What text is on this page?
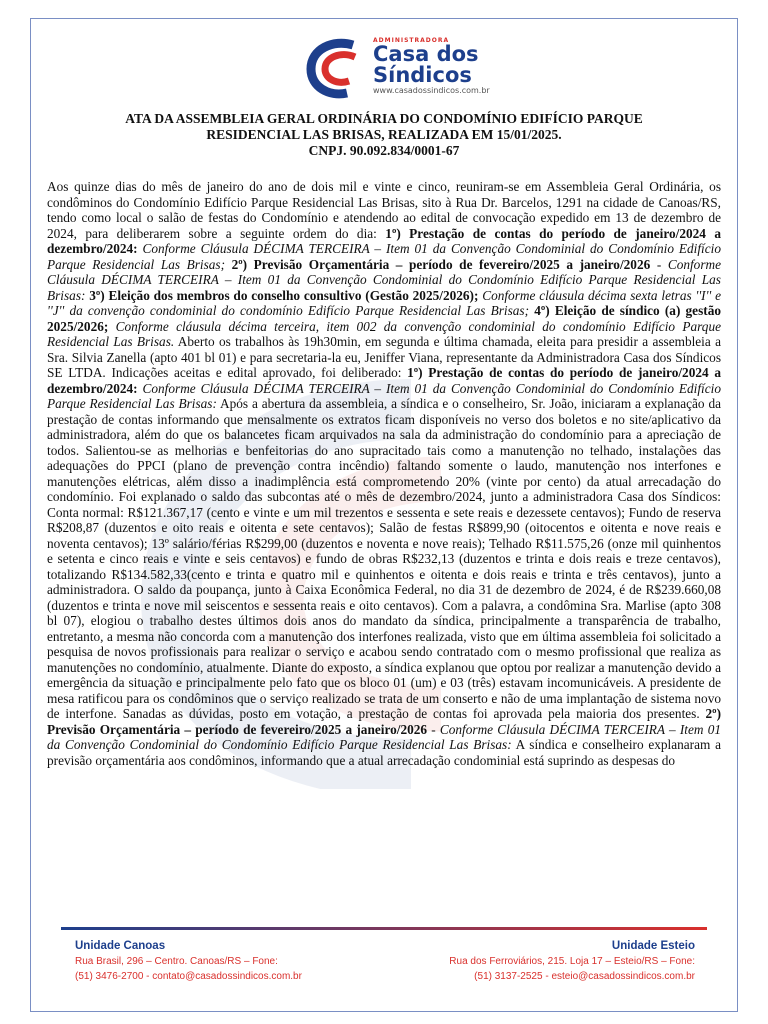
ADMINISTRADORA
Casa dos
Síndicos
www.casadossindicos.com.br
ATA DA ASSEMBLEIA GERAL ORDINÁRIA DO CONDOMÍNIO EDIFÍCIO PARQUE
RESIDENCIAL LAS BRISAS, REALIZADA EM 15/01/2025.
CNPJ. 90.092.834/0001-67
Aos quinze dias do mês de janeiro do ano de dois mil e vinte e cinco, reuniram-se em Assembleia Geral Ordinária, os condôminos do Condomínio Edifício Parque Residencial Las Brisas, sito à Rua Dr. Barcelos, 1291 na cidade de Canoas/RS, tendo como local o salão de festas do Condomínio e atendendo ao edital de convocação expedido em 13 de dezembro de 2024, para deliberarem sobre a seguinte ordem do dia: 1º) Prestação de contas do período de janeiro/2024 a dezembro/2024: Conforme Cláusula DÉCIMA TERCEIRA – Item 01 da Convenção Condominial do Condomínio Edifício Parque Residencial Las Brisas; 2º) Previsão Orçamentária – período de fevereiro/2025 a janeiro/2026 - Conforme Cláusula DÉCIMA TERCEIRA – Item 01 da Convenção Condominial do Condomínio Edifício Parque Residencial Las Brisas: 3º) Eleição dos membros do conselho consultivo (Gestão 2025/2026); Conforme cláusula décima sexta letras ''I'' e ''J'' da convenção condominial do condomínio Edifício Parque Residencial Las Brisas; 4º) Eleição de síndico (a) gestão 2025/2026; Conforme cláusula décima terceira, item 002 da convenção condominial do condomínio Edifício Parque Residencial Las Brisas. Aberto os trabalhos às 19h30min, em segunda e última chamada, eleita para presidir a assembleia a Sra. Silvia Zanella (apto 401 bl 01) e para secretaria-la eu, Jeniffer Viana, representante da Administradora Casa dos Síndicos SE LTDA. Indicações aceitas e edital aprovado, foi deliberado: 1º) Prestação de contas do período de janeiro/2024 a dezembro/2024: Conforme Cláusula DÉCIMA TERCEIRA – Item 01 da Convenção Condominial do Condomínio Edifício Parque Residencial Las Brisas: Após a abertura da assembleia, a síndica e o conselheiro, Sr. João, iniciaram a explanação da prestação de contas informando que mensalmente os extratos ficam disponíveis no verso dos boletos e no site/aplicativo da administradora, além do que os balancetes ficam arquivados na sala da administração do condomínio para a apreciação de todos. Salientou-se as melhorias e benfeitorias do ano supracitado tais como a manutenção no telhado, instalações das adequações do PPCI (plano de prevenção contra incêndio) faltando somente o laudo, manutenção nos interfones e manutenções elétricas, além disso a inadimplência está comprometendo 20% (vinte por cento) da atual arrecadação do condomínio. Foi explanado o saldo das subcontas até o mês de dezembro/2024, junto a administradora Casa dos Síndicos: Conta normal: R$121.367,17 (cento e vinte e um mil trezentos e sessenta e sete reais e dezessete centavos); Fundo de reserva R$208,87 (duzentos e oito reais e oitenta e sete centavos); Salão de festas R$899,90 (oitocentos e oitenta e nove reais e noventa centavos); 13º salário/férias R$299,00 (duzentos e noventa e nove reais); Telhado R$11.575,26 (onze mil quinhentos e setenta e cinco reais e vinte e seis centavos) e fundo de obras R$232,13 (duzentos e trinta e dois reais e treze centavos), totalizando R$134.582,33(cento e trinta e quatro mil e quinhentos e oitenta e dois reais e trinta e três centavos), junto a administradora. O saldo da poupança, junto à Caixa Econômica Federal, no dia 31 de dezembro de 2024, é de R$239.660,08 (duzentos e trinta e nove mil seiscentos e sessenta reais e oito centavos). Com a palavra, a condômina Sra. Marlise (apto 308 bl 07), elogiou o trabalho destes últimos dois anos do mandato da síndica, principalmente a transparência de trabalho, entretanto, a mesma não concorda com a manutenção dos interfones realizada, visto que em última assembleia foi solicitado a pesquisa de novos profissionais para realizar o serviço e acabou sendo contratado com o mesmo profissional que realiza as manutenções no condomínio, atualmente. Diante do exposto, a síndica explanou que optou por realizar a manutenção devido a emergência da situação e principalmente pelo fato que os bloco 01 (um) e 03 (três) estavam incomunicáveis. A presidente de mesa ratificou para os condôminos que o serviço realizado se trata de um conserto e não de uma implantação de sistema novo de interfone. Sanadas as dúvidas, posto em votação, a prestação de contas foi aprovada pela maioria dos presentes. 2º) Previsão Orçamentária – período de fevereiro/2025 a janeiro/2026 - Conforme Cláusula DÉCIMA TERCEIRA – Item 01 da Convenção Condominial do Condomínio Edifício Parque Residencial Las Brisas: A síndica e conselheiro explanaram a previsão orçamentária aos condôminos, informando que a atual arrecadação condominial está suprindo as despesas do
Unidade Canoas
Rua Brasil, 296 – Centro. Canoas/RS – Fone:
(51) 3476-2700 - contato@casadossindicos.com.br
Unidade Esteio
Rua dos Ferroviários, 215. Loja 17 – Esteio/RS – Fone:
(51) 3137-2525 - esteio@casadossindicos.com.br
